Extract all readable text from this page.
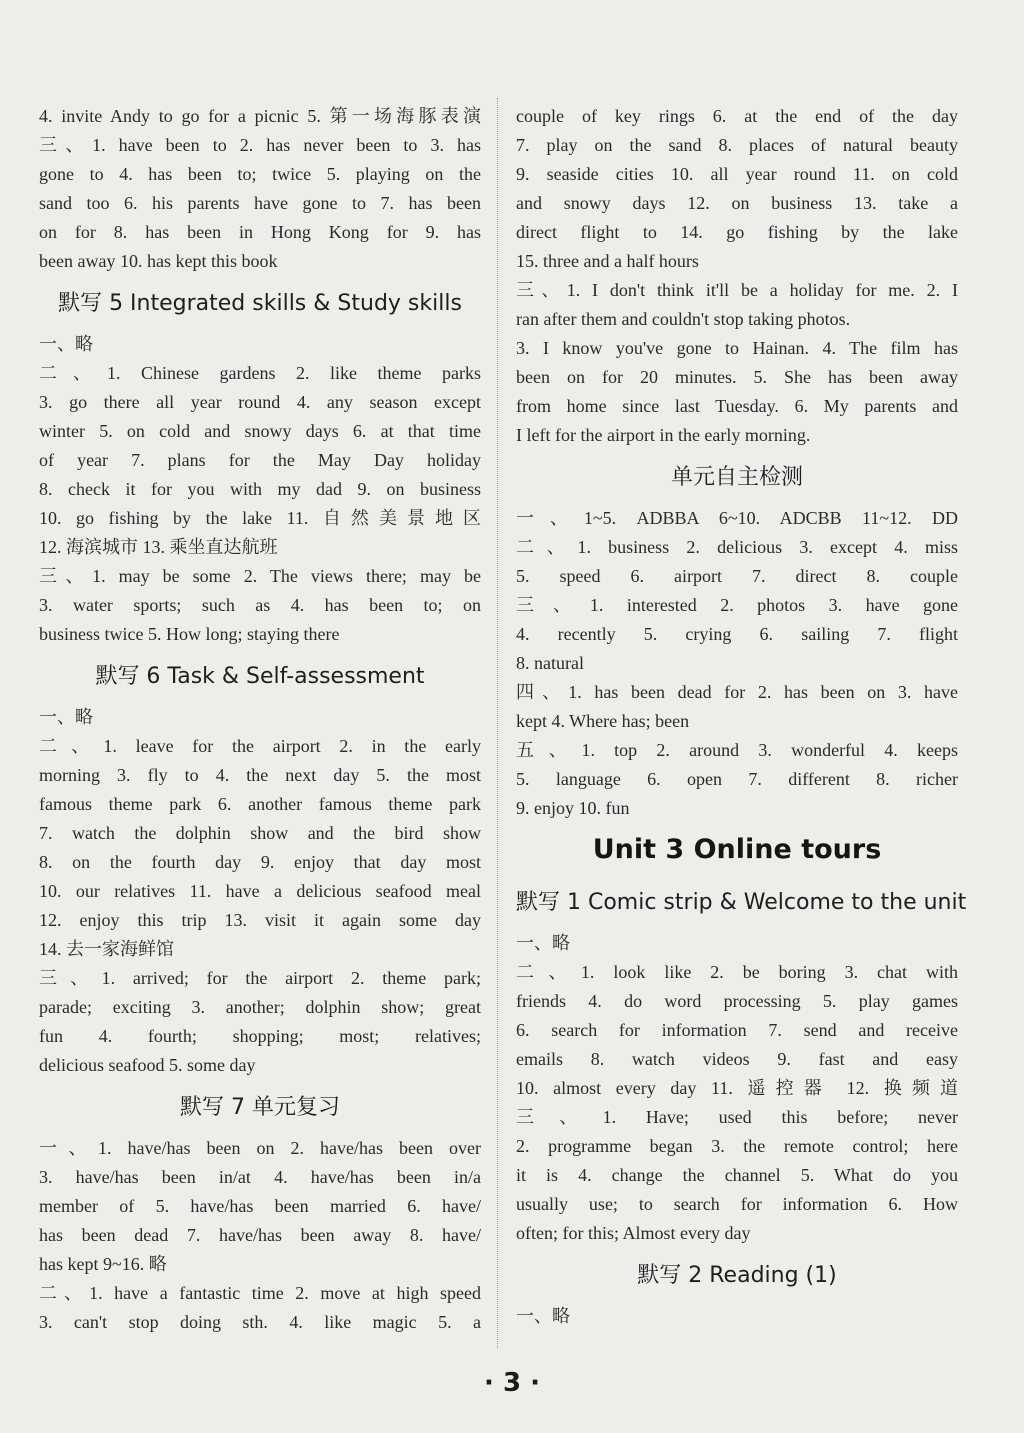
4. invite Andy to go for a picnic 5. 第一场海豚表演
三、1. have been to 2. has never been to 3. has
gone to 4. has been to; twice 5. playing on the
sand too 6. his parents have gone to 7. has been
on for 8. has been in Hong Kong for 9. has
been away 10. has kept this book
默写 5 Integrated skills & Study skills
一、略
二、1. Chinese gardens 2. like theme parks
3. go there all year round 4. any season except
winter 5. on cold and snowy days 6. at that time
of year 7. plans for the May Day holiday
8. check it for you with my dad 9. on business
10. go fishing by the lake 11. 自然美景地区
12. 海滨城市 13. 乘坐直达航班
三、1. may be some 2. The views there; may be
3. water sports; such as 4. has been to; on
business twice 5. How long; staying there
默写 6 Task & Self-assessment
一、略
二、1. leave for the airport 2. in the early
morning 3. fly to 4. the next day 5. the most
famous theme park 6. another famous theme park
7. watch the dolphin show and the bird show
8. on the fourth day 9. enjoy that day most
10. our relatives 11. have a delicious seafood meal
12. enjoy this trip 13. visit it again some day
14. 去一家海鲜馆
三、1. arrived; for the airport 2. theme park;
parade; exciting 3. another; dolphin show; great
fun 4. fourth; shopping; most; relatives;
delicious seafood 5. some day
默写 7 单元复习
一、1. have/has been on 2. have/has been over
3. have/has been in/at 4. have/has been in/a
member of 5. have/has been married 6. have/
has been dead 7. have/has been away 8. have/
has kept 9~16. 略
二、1. have a fantastic time 2. move at high speed
3. can't stop doing sth. 4. like magic 5. a
couple of key rings 6. at the end of the day
7. play on the sand 8. places of natural beauty
9. seaside cities 10. all year round 11. on cold
and snowy days 12. on business 13. take a
direct flight to 14. go fishing by the lake
15. three and a half hours
三、1. I don't think it'll be a holiday for me. 2. I
ran after them and couldn't stop taking photos.
3. I know you've gone to Hainan. 4. The film has
been on for 20 minutes. 5. She has been away
from home since last Tuesday. 6. My parents and
I left for the airport in the early morning.
单元自主检测
一、1~5. ADBBA 6~10. ADCBB 11~12. DD
二、1. business 2. delicious 3. except 4. miss
5. speed 6. airport 7. direct 8. couple
三、1. interested 2. photos 3. have gone
4. recently 5. crying 6. sailing 7. flight
8. natural
四、1. has been dead for 2. has been on 3. have
kept 4. Where has; been
五、1. top 2. around 3. wonderful 4. keeps
5. language 6. open 7. different 8. richer
9. enjoy 10. fun
Unit 3 Online tours
默写 1 Comic strip & Welcome to the unit
一、略
二、1. look like 2. be boring 3. chat with
friends 4. do word processing 5. play games
6. search for information 7. send and receive
emails 8. watch videos 9. fast and easy
10. almost every day 11. 遥控器 12. 换频道
三、1. Have; used this before; never
2. programme began 3. the remote control; here
it is 4. change the channel 5. What do you
usually use; to search for information 6. How
often; for this; Almost every day
默写 2 Reading (1)
一、略
· 3 ·
